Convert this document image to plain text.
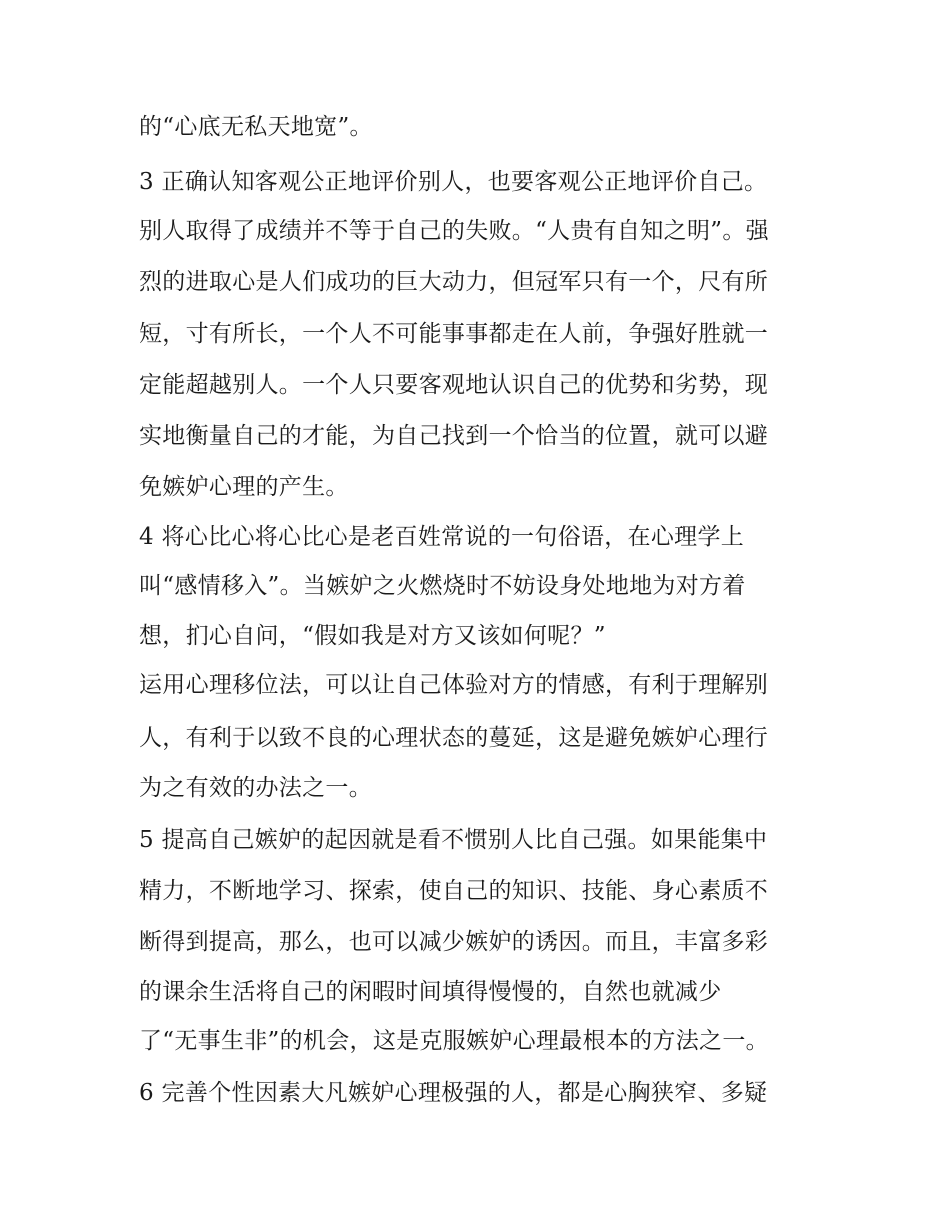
的“心底无私天地宽”。

3 正确认知客观公正地评价别人，也要客观公正地评价自己。

别人取得了成绩并不等于自己的失败。“人贵有自知之明”。强

烈的进取心是人们成功的巨大动力，但冠军只有一个，尺有所

短，寸有所长，一个人不可能事事都走在人前，争强好胜就一

定能超越别人。一个人只要客观地认识自己的优势和劣势，现

实地衡量自己的才能，为自己找到一个恰当的位置，就可以避

免嫉妒心理的产生。

4 将心比心将心比心是老百姓常说的一句俗语，在心理学上

叫“感情移入”。当嫉妒之火燃烧时不妨设身处地地为对方着

想，扪心自问，“假如我是对方又该如何呢？”

运用心理移位法，可以让自己体验对方的情感，有利于理解别

人，有利于以致不良的心理状态的蔓延，这是避免嫉妒心理行

为之有效的办法之一。

5 提高自己嫉妒的起因就是看不惯别人比自己强。如果能集中

精力，不断地学习、探索，使自己的知识、技能、身心素质不

断得到提高，那么，也可以减少嫉妒的诱因。而且，丰富多彩

的课余生活将自己的闲暇时间填得慢慢的，自然也就减少

了“无事生非”的机会，这是克服嫉妒心理最根本的方法之一。

6 完善个性因素大凡嫉妒心理极强的人，都是心胸狭窄、多疑
